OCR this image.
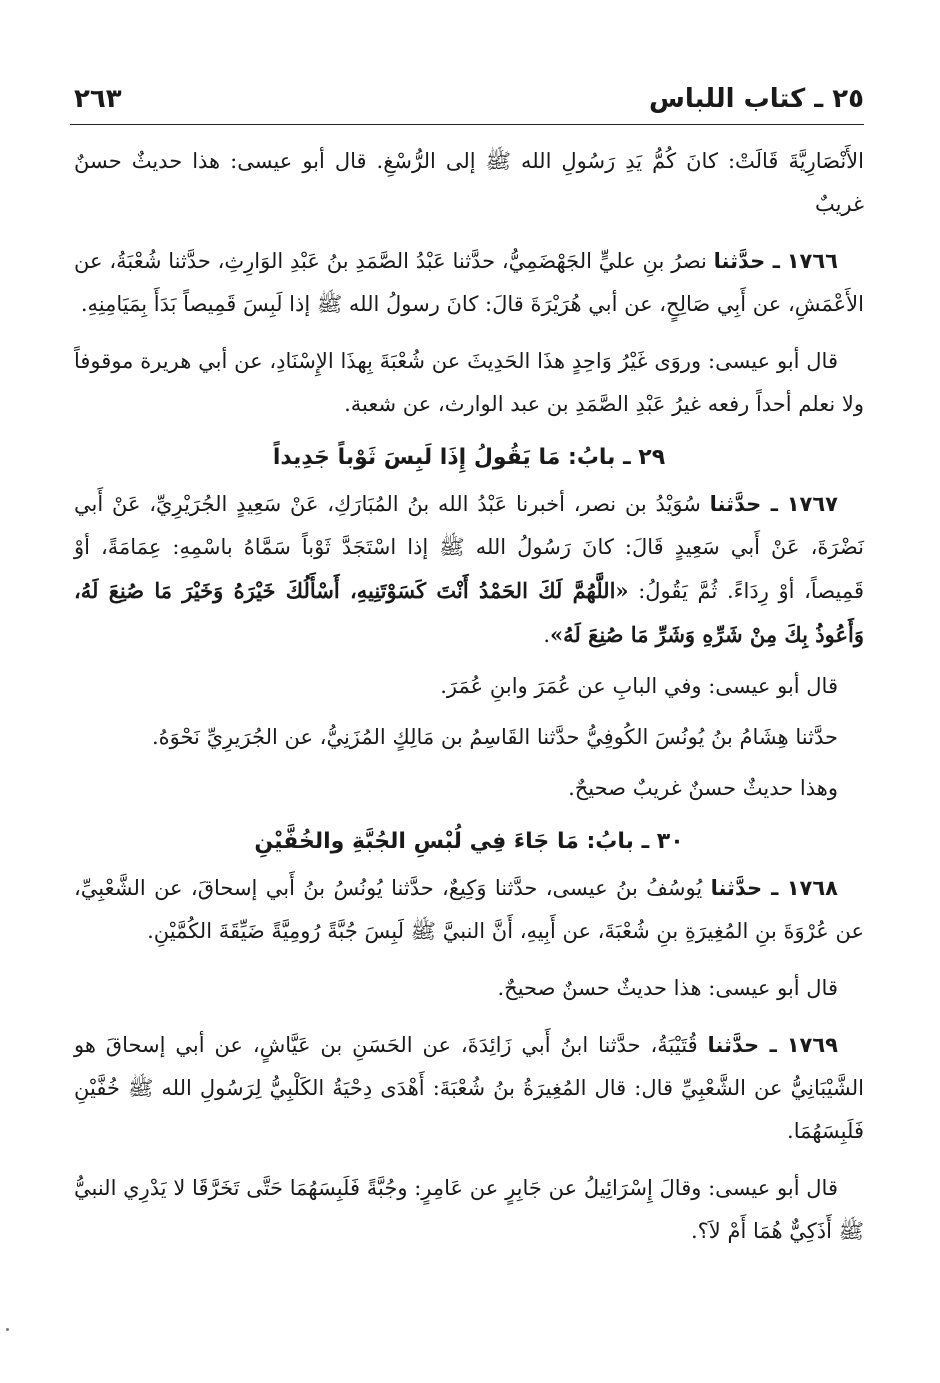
٢٥ ـ كتاب اللباس
٢٦٣

الأَنْصَارِيَّةَ قَالَتْ: كانَ كُمُّ يَدِ رَسُولِ الله ﷺ إلى الرُّسْغِ. قال أبو عيسى: هذا حديثٌ حسنٌ غريبٌ

١٧٦٦ ـ حدَّثنا نصرُ بنِ عليٍّ الجَهْضَمِيُّ، حدَّثنا عَبْدُ الصَّمَدِ بنُ عَبْدِ الوَارِثِ، حدَّثنا شُعْبَةُ، عن الأَعْمَشِ، عن أَبِي صَالِحٍ، عن أبي هُرَيْرَةَ قالَ: كانَ رسولُ الله ﷺ إذا لَبِسَ قَمِيصاً بَدَأَ بِمَيَامِنِهِ.

قال أبو عيسى: وروَى غَيْرُ وَاحِدٍ هذَا الحَدِيثَ عن شُعْبَةَ بِهذَا الإِسْنَادِ، عن أبي هريرة موقوفاً ولا نعلم أحداً رفعه غيرُ عَبْدِ الصَّمَدِ بن عبد الوارث، عن شعبة.

٢٩ ـ بابُ: مَا يَقُولُ إِذَا لَبِسَ ثَوْباً جَدِيداً

١٧٦٧ ـ حدَّثنا سُوَيْدُ بن نصر، أخبرنا عَبْدُ الله بنُ المُبَارَكِ، عَنْ سَعِيدٍ الجُرَيْرِيِّ، عَنْ أَبي نَضْرَةَ، عَنْ أَبي سَعِيدٍ قَالَ: كانَ رَسُولُ الله ﷺ إذا اسْتَجَدَّ ثَوْباً سَمَّاهُ باسْمِهِ: عِمَامَةً، أوْ قَمِيصاً، أوْ رِدَاءً. ثُمَّ يَقُولُ: «اللَّهُمَّ لَكَ الحَمْدُ أَنْتَ كَسَوْتَنِيهِ، أَسْأَلُكَ خَيْرَهُ وَخَيْرَ مَا صُنِعَ لَهُ، وَأَعُوذُ بِكَ مِنْ شَرِّهِ وَشَرِّ مَا صُنِعَ لَهُ».

قال أبو عيسى: وفي البابِ عن عُمَرَ وابنِ عُمَرَ.

حدَّثنا هِشَامُ بنُ يُونُسَ الكُوفِيُّ حدَّثنا القَاسِمُ بن مَالِكٍ المُزَنِيُّ، عن الجُرَيرِيِّ نَحْوَهُ.

وهذا حديثٌ حسنٌ غريبٌ صحيحٌ.

٣٠ ـ بابُ: مَا جَاءَ فِي لُبْسِ الجُبَّةِ والخُفَّيْنِ

١٧٦٨ ـ حدَّثنا يُوسُفُ بنُ عيسى، حدَّثنا وَكِيعٌ، حدَّثنا يُونُسُ بنُ أَبي إسحاقَ، عن الشَّعْبِيِّ، عن عُرْوَةَ بنِ المُغِيرَةِ بنِ شُعْبَةَ، عن أَبِيهِ، أَنَّ النبيَّ ﷺ لَبِسَ جُبَّةً رُومِيَّةً ضَيِّقَةَ الكُمَّيْنِ.

قال أبو عيسى: هذا حديثٌ حسنٌ صحيحٌ.

١٧٦٩ ـ حدَّثنا قُتَيْبَةُ، حدَّثنا ابنُ أَبي زَائِدَةَ، عن الحَسَنِ بن عَيَّاشٍ، عن أبي إسحاقَ هو الشَّيْبَانِيُّ عن الشَّعْبِيِّ قال: قال المُغِيرَةُ بنُ شُعْبَةَ: أَهْدَى دِحْيَةُ الكَلْبِيُّ لِرَسُولِ الله ﷺ خُفَّيْنِ فَلَبِسَهُمَا.

قال أبو عيسى: وقالَ إِسْرَائِيلُ عن جَابِرٍ عن عَامِرٍ: وجُبَّةً فَلَبِسَهُمَا حَتَّى تَخَرَّقَا لا يَدْرِي النبيُّ ﷺ أَذَكِيٌّ هُمَا أَمْ لاَ؟.
